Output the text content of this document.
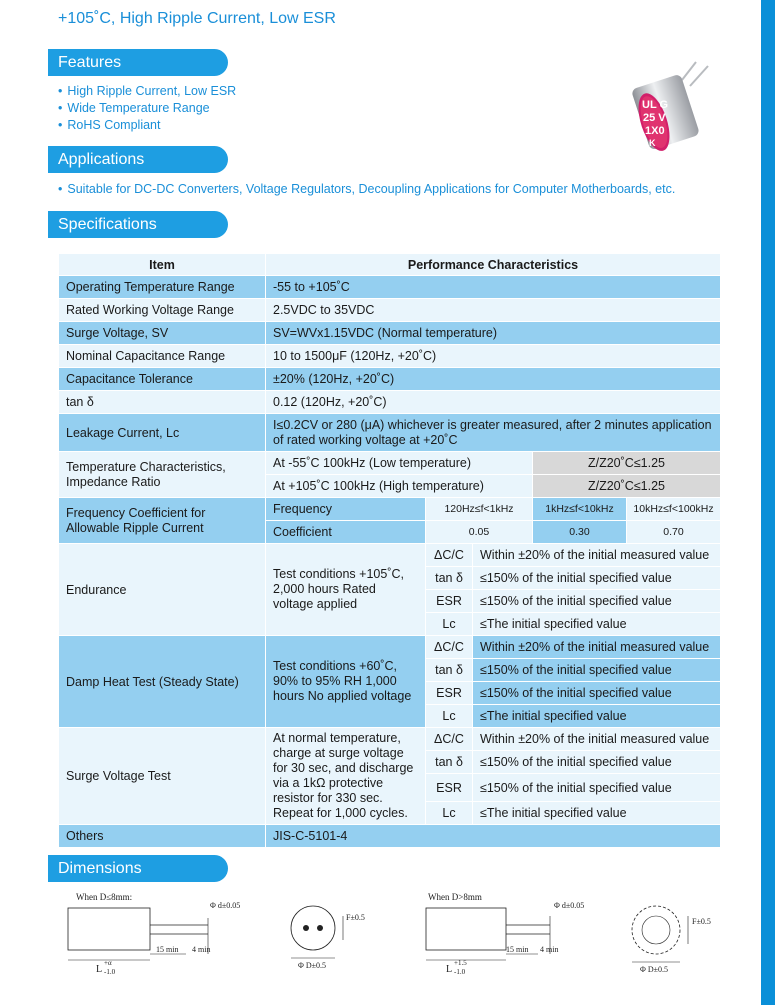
+105˚C, High Ripple Current, Low ESR
Features
• High Ripple Current, Low ESR
• Wide Temperature Range
• RoHS Compliant
UL G
25 V
1X0
K
Applications
• Suitable for DC-DC Converters, Voltage Regulators, Decoupling Applications for Computer Motherboards, etc.
Specifications
Item	Performance Characteristics				
Operating Temperature Range	-55 to +105˚C				
Rated Working Voltage Range	2.5VDC to 35VDC				
Surge Voltage, SV	SV=WVx1.15VDC (Normal temperature)				
Nominal Capacitance Range	10 to 1500μF (120Hz, +20˚C)				
Capacitance Tolerance	±20% (120Hz, +20˚C)				
tan δ	0.12 (120Hz, +20˚C)				
Leakage Current, Lc	I≤0.2CV or 280 (μA) whichever is greater measured, after 2 minutes application of rated working voltage at +20˚C				
Temperature Characteristics, Impedance Ratio	At -55˚C 100kHz (Low temperature)			Z/Z20˚C≤1.25	
	At +105˚C 100kHz (High temperature)			Z/Z20˚C≤1.25	
Frequency Coefficient for Allowable Ripple Current	Frequency	120Hz≤f<1kHz		1kHz≤f<10kHz	10kHz≤f<100kHz
	Coefficient	0.05		0.30	0.70
Endurance	Test conditions +105˚C, 2,000 hours Rated voltage applied	ΔC/C	Within ±20% of the initial measured value		
		tan δ	≤150% of the initial specified value		
		ESR	≤150% of the initial specified value		
		Lc	≤The initial specified value		
Damp Heat Test (Steady State)	Test conditions +60˚C, 90% to 95% RH 1,000 hours No applied voltage	ΔC/C	Within ±20% of the initial measured value		
		tan δ	≤150% of the initial specified value		
		ESR	≤150% of the initial specified value		
		Lc	≤The initial specified value		
Surge Voltage Test	At normal temperature, charge at surge voltage for 30 sec, and discharge via a 1kΩ protective resistor for 330 sec. Repeat for 1,000 cycles.	ΔC/C	Within ±20% of the initial measured value		
		tan δ	≤150% of the initial specified value		
		ESR	≤150% of the initial specified value		
		Lc	≤The initial specified value		
Others	JIS-C-5101-4				
Dimensions
When D≤8mm:
Φ d±0.05
15 min 4 min
L
+α
-1.0
F±0.5
Φ D±0.5
When D>8mm
Φ d±0.05
15 min 4 min
L
+1.5
-1.0
F±0.5
Φ D±0.5
